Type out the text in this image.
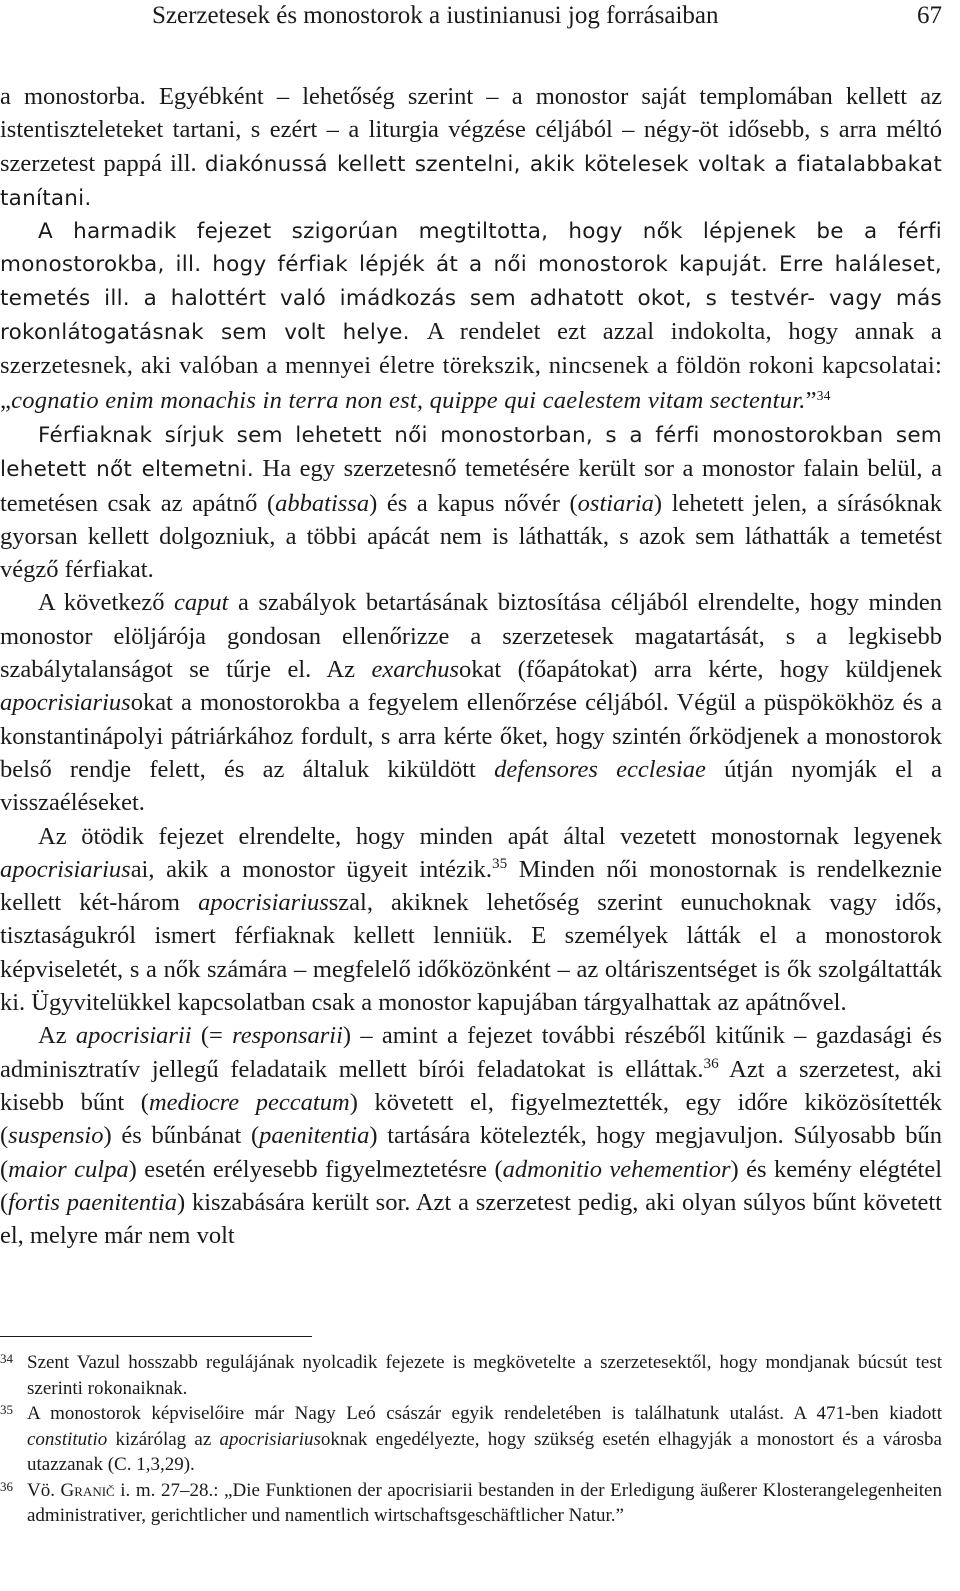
Szerzetesek és monostorok a iustinianusi jog forrásaiban	67

a monostorba. Egyébként – lehetőség szerint – a monostor saját templomában kellett az istentiszteleteket tartani, s ezért – a liturgia végzése céljából – négy-öt idősebb, s arra méltó szerzetest pappá ill. diakónussá kellett szentelni, akik kötelesek voltak a fiatalabbakat tanítani.

A harmadik fejezet szigorúan megtiltotta, hogy nők lépjenek be a férfi monostorokba, ill. hogy férfiak lépjék át a női monostorok kapuját. Erre haláleset, temetés ill. a halottért való imádkozás sem adhatott okot, s testvér- vagy más rokonlátogatásnak sem volt helye. A rendelet ezt azzal indokolta, hogy annak a szerzetesnek, aki valóban a mennyei életre törekszik, nincsenek a földön rokoni kapcsolatai: „cognatio enim monachis in terra non est, quippe qui caelestem vitam sectentur.”$^{34}$

Férfiaknak sírjuk sem lehetett női monostorban, s a férfi monostorokban sem lehetett nőt eltemetni. Ha egy szerzetesnő temetésére került sor a monostor falain belül, a temetésen csak az apátnő (abbatissa) és a kapus nővér (ostiaria) lehetett jelen, a sírásóknak gyorsan kellett dolgozniuk, a többi apácát nem is láthatták, s azok sem láthatták a temetést végző férfiakat.

A következő caput a szabályok betartásának biztosítása céljából elrendelte, hogy minden monostor elöljárója gondosan ellenőrizze a szerzetesek magatartását, s a legkisebb szabálytalanságot se tűrje el. Az exarchusokat (főapátokat) arra kérte, hogy küldjenek apocrisiariusokat a monostorokba a fegyelem ellenőrzése céljából. Végül a püspökökhöz és a konstantinápolyi pátriárkához fordult, s arra kérte őket, hogy szintén őrködjenek a monostorok belső rendje felett, és az általuk kiküldött defensores ecclesiae útján nyomják el a visszaéléseket.

Az ötödik fejezet elrendelte, hogy minden apát által vezetett monostornak legyenek apocrisiariusai, akik a monostor ügyeit intézik.$^{35}$ Minden női monostornak is rendelkeznie kellett két-három apocrisiariusszal, akiknek lehetőség szerint eunuchoknak vagy idős, tisztaságukról ismert férfiaknak kellett lenniük. E személyek látták el a monostorok képviseletét, s a nők számára – megfelelő időközönként – az oltáriszentséget is ők szolgáltatták ki. Ügyvitelükkel kapcsolatban csak a monostor kapujában tárgyalhattak az apátnővel.

Az apocrisiarii (= responsarii) – amint a fejezet további részéből kitűnik – gazdasági és adminisztratív jellegű feladataik mellett bírói feladatokat is elláttak.$^{36}$ Azt a szerzetest, aki kisebb bűnt (mediocre peccatum) követett el, figyelmeztették, egy időre kiközösítették (suspensio) és bűnbánat (paenitentia) tartására kötelezték, hogy megjavuljon. Súlyosabb bűn (maior culpa) esetén erélyesebb figyelmeztetésre (admonitio vehementior) és kemény elégtétel (fortis paenitentia) kiszabására került sor. Azt a szerzetest pedig, aki olyan súlyos bűnt követett el, melyre már nem volt

34 Szent Vazul hosszabb regulájának nyolcadik fejezete is megkövetelte a szerzetesektől, hogy mondjanak búcsút test szerinti rokonaiknak.
35 A monostorok képviselőire már Nagy Leó császár egyik rendeletében is találhatunk utalást. A 471-ben kiadott constitutio kizárólag az apocrisiariusoknak engedélyezte, hogy szükség esetén elhagyják a monostort és a városba utazzanak (C. 1,3,29).
36 Vö. Granič i. m. 27–28.: „Die Funktionen der apocrisiarii bestanden in der Erledigung äußerer Klosterangelegenheiten administrativer, gerichtlicher und namentlich wirtschaftsgeschäftlicher Natur.”
